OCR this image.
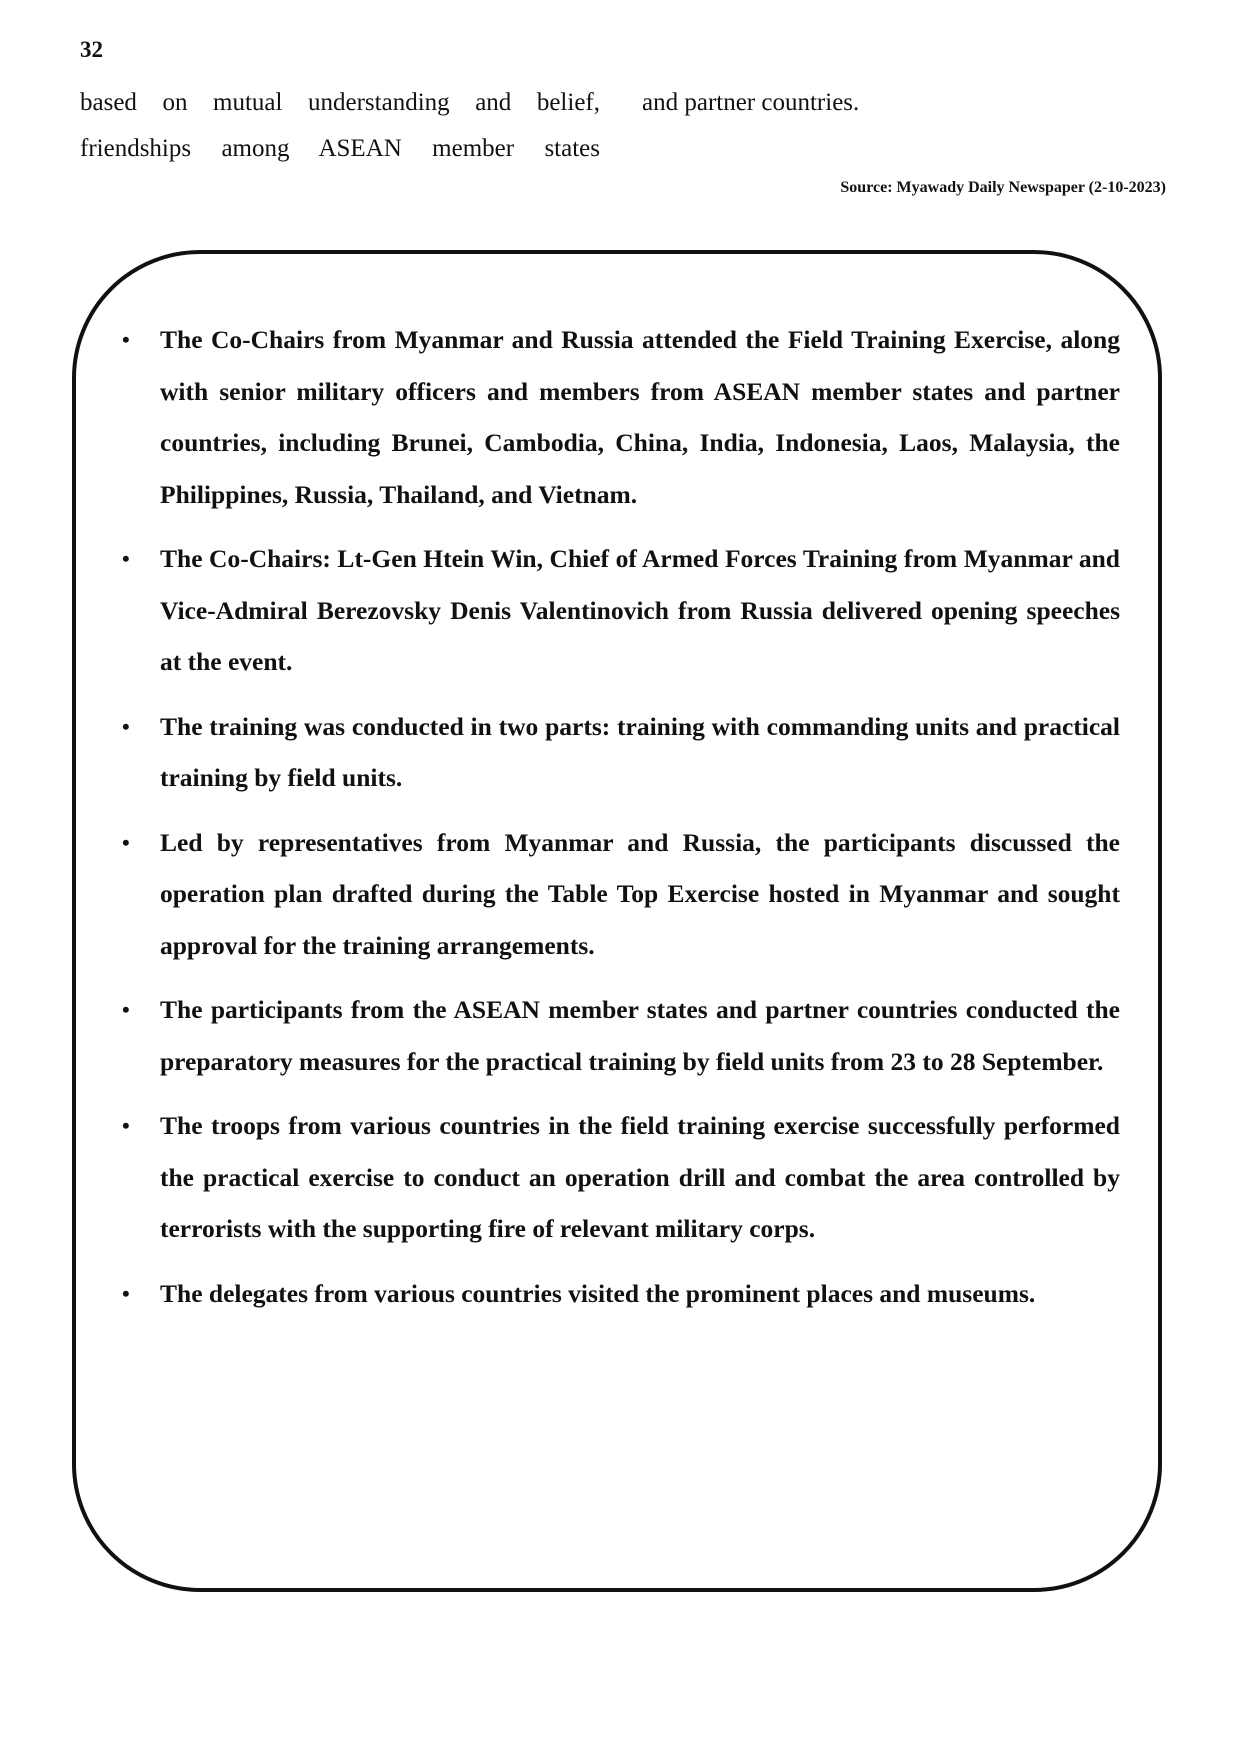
32
based on mutual understanding and belief,
friendships among ASEAN member states
and partner countries.
Source: Myawady Daily Newspaper (2-10-2023)
• The Co-Chairs from Myanmar and Russia attended the Field Training Exercise, along with senior military officers and members from ASEAN member states and partner countries, including Brunei, Cambodia, China, India, Indonesia, Laos, Malaysia, the Philippines, Russia, Thailand, and Vietnam.
• The Co-Chairs: Lt-Gen Htein Win, Chief of Armed Forces Training from Myanmar and Vice-Admiral Berezovsky Denis Valentinovich from Russia delivered opening speeches at the event.
• The training was conducted in two parts: training with commanding units and practical training by field units.
• Led by representatives from Myanmar and Russia, the participants discussed the operation plan drafted during the Table Top Exercise hosted in Myanmar and sought approval for the training arrangements.
• The participants from the ASEAN member states and partner countries conducted the preparatory measures for the practical training by field units from 23 to 28 September.
• The troops from various countries in the field training exercise successfully performed the practical exercise to conduct an operation drill and combat the area controlled by terrorists with the supporting fire of relevant military corps.
• The delegates from various countries visited the prominent places and museums.
